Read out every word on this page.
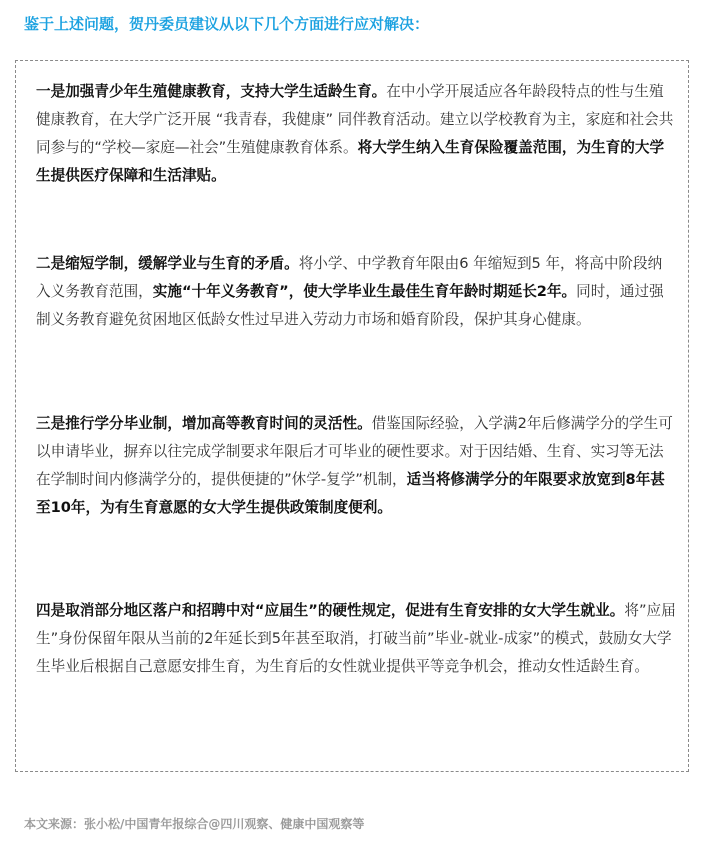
鉴于上述问题，贺丹委员建议从以下几个方面进行应对解决：

一是加强青少年生殖健康教育，支持大学生适龄生育。在中小学开展适应各年龄段特点的性与生殖健康教育，在大学广泛开展 “我青春，我健康” 同伴教育活动。建立以学校教育为主，家庭和社会共同参与的“学校—家庭—社会”生殖健康教育体系。将大学生纳入生育保险覆盖范围，为生育的大学生提供医疗保障和生活津贴。

二是缩短学制，缓解学业与生育的矛盾。将小学、中学教育年限由6 年缩短到5 年，将高中阶段纳入义务教育范围，实施“十年义务教育”，使大学毕业生最佳生育年龄时期延长2年。同时，通过强制义务教育避免贫困地区低龄女性过早进入劳动力市场和婚育阶段，保护其身心健康。

三是推行学分毕业制，增加高等教育时间的灵活性。借鉴国际经验，入学满2年后修满学分的学生可以申请毕业，摒弃以往完成学制要求年限后才可毕业的硬性要求。对于因结婚、生育、实习等无法在学制时间内修满学分的，提供便捷的”休学-复学”机制，适当将修满学分的年限要求放宽到8年甚至10年，为有生育意愿的女大学生提供政策制度便利。

四是取消部分地区落户和招聘中对“应届生”的硬性规定，促进有生育安排的女大学生就业。将”应届生”身份保留年限从当前的2年延长到5年甚至取消，打破当前”毕业-就业-成家”的模式，鼓励女大学生毕业后根据自己意愿安排生育，为生育后的女性就业提供平等竞争机会，推动女性适龄生育。

本文来源：张小松/中国青年报综合@四川观察、健康中国观察等
